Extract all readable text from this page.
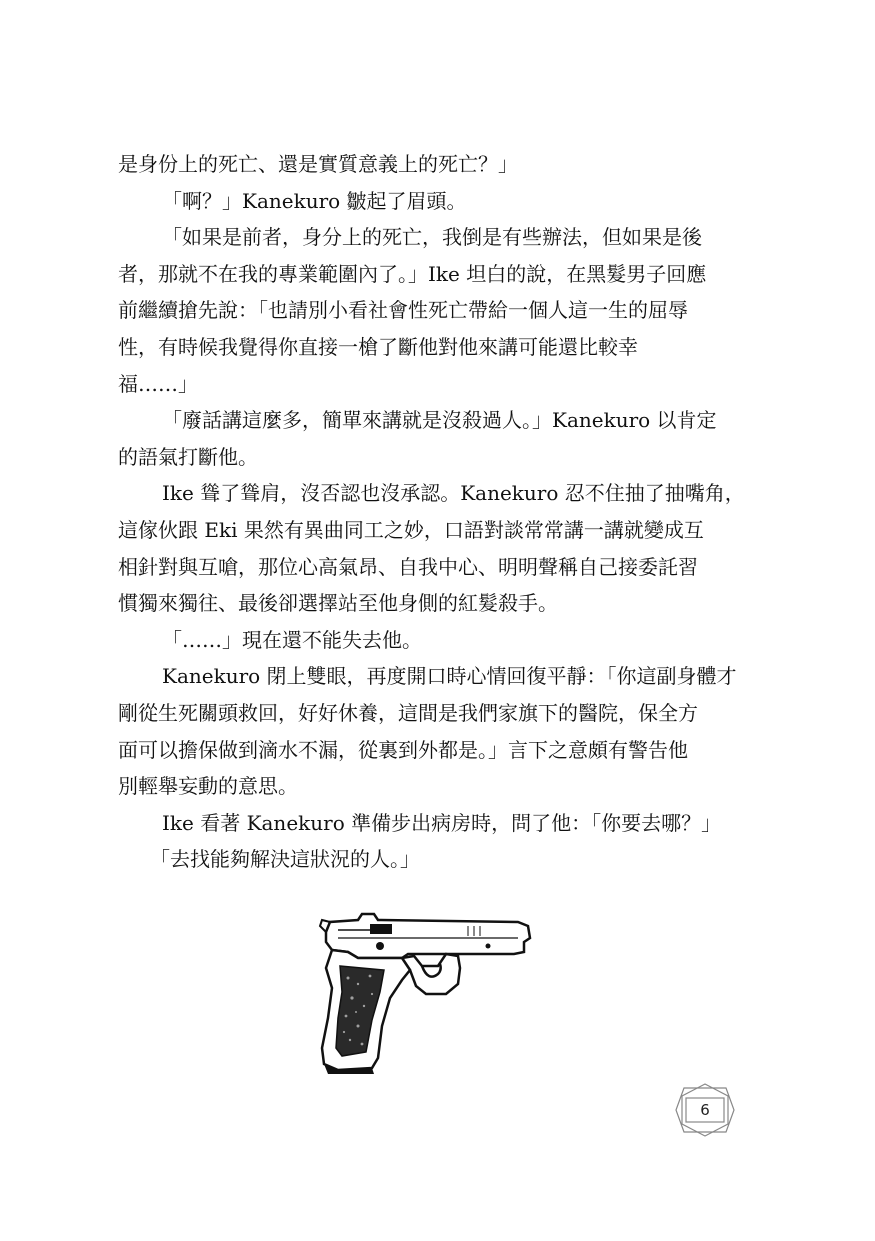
是身份上的死亡、還是實質意義上的死亡？」
「啊？」Kanekuro 皺起了眉頭。
「如果是前者，身分上的死亡，我倒是有些辦法，但如果是後
者，那就不在我的專業範圍內了。」Ike 坦白的說，在黑髮男子回應
前繼續搶先說：「也請別小看社會性死亡帶給一個人這一生的屈辱
性，有時候我覺得你直接一槍了斷他對他來講可能還比較幸
福……」
「廢話講這麼多，簡單來講就是沒殺過人。」Kanekuro 以肯定
的語氣打斷他。
Ike 聳了聳肩，沒否認也沒承認。Kanekuro 忍不住抽了抽嘴角，
這傢伙跟 Eki 果然有異曲同工之妙，口語對談常常講一講就變成互
相針對與互嗆，那位心高氣昂、自我中心、明明聲稱自己接委託習
慣獨來獨往、最後卻選擇站至他身側的紅髮殺手。
「……」現在還不能失去他。
Kanekuro 閉上雙眼，再度開口時心情回復平靜：「你這副身體才
剛從生死關頭救回，好好休養，這間是我們家旗下的醫院，保全方
面可以擔保做到滴水不漏，從裏到外都是。」言下之意頗有警告他
別輕舉妄動的意思。
Ike 看著 Kanekuro 準備步出病房時，問了他：「你要去哪？」
「去找能夠解決這狀況的人。」
6
